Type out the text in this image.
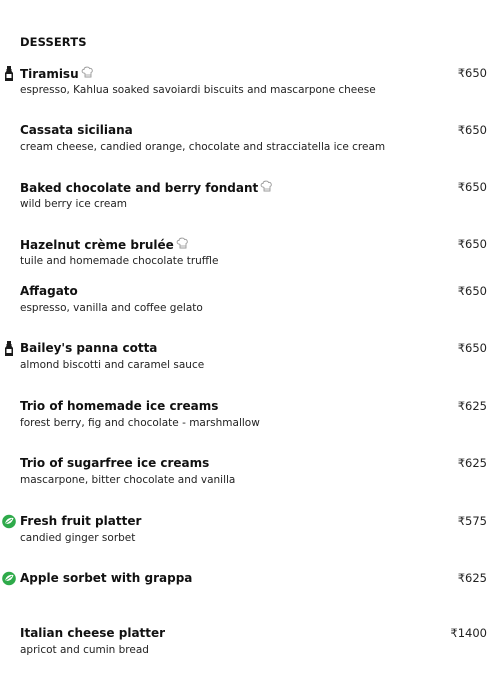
DESSERTS
Tiramisu
espresso, Kahlua soaked savoiardi biscuits and mascarpone cheese
₹650
Cassata siciliana
cream cheese, candied orange, chocolate and stracciatella ice cream
₹650
Baked chocolate and berry fondant
wild berry ice cream
₹650
Hazelnut crème brulée
tuile and homemade chocolate truffle
₹650
Affagato
espresso, vanilla and coffee gelato
₹650
Bailey's panna cotta
almond biscotti and caramel sauce
₹650
Trio of homemade ice creams
forest berry, fig and chocolate - marshmallow
₹625
Trio of sugarfree ice creams
mascarpone, bitter chocolate and vanilla
₹625
Fresh fruit platter
candied ginger sorbet
₹575
Apple sorbet with grappa	₹625
Italian cheese platter
apricot and cumin bread
₹1400
